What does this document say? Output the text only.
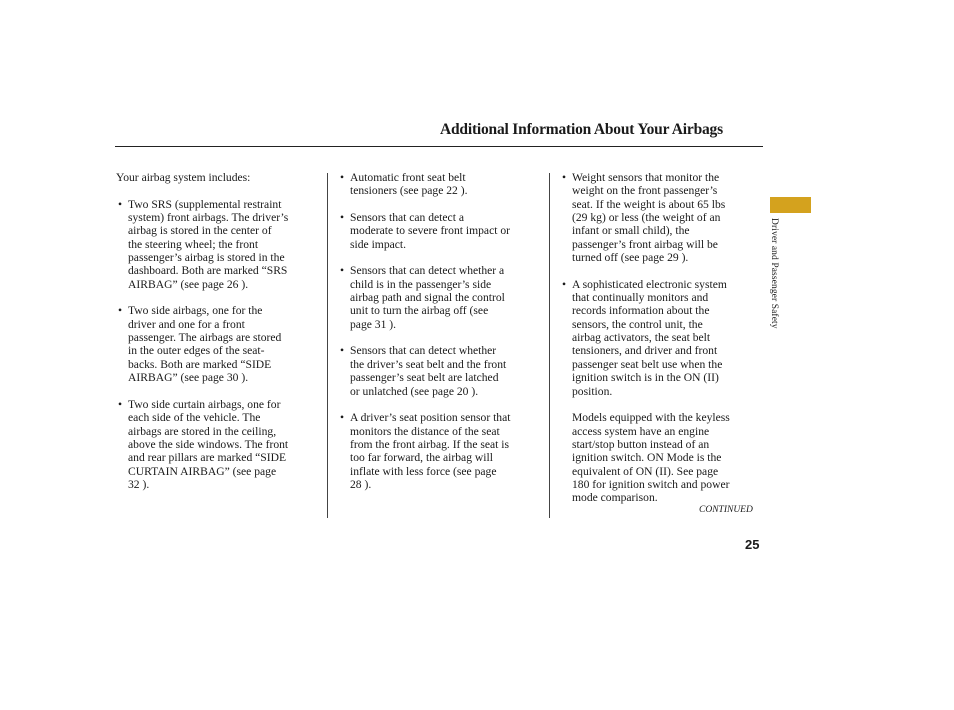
Additional Information About Your Airbags
Driver and Passenger Safety

Your airbag system includes:

• Two SRS (supplemental restraint
system) front airbags. The driver’s
airbag is stored in the center of
the steering wheel; the front
passenger’s airbag is stored in the
dashboard. Both are marked “SRS
AIRBAG” (see page 26 ).
• Two side airbags, one for the
driver and one for a front
passenger. The airbags are stored
in the outer edges of the seat-
backs. Both are marked “SIDE
AIRBAG” (see page 30 ).
• Two side curtain airbags, one for
each side of the vehicle. The
airbags are stored in the ceiling,
above the side windows. The front
and rear pillars are marked “SIDE
CURTAIN AIRBAG” (see page
32 ).
• Automatic front seat belt
tensioners (see page 22 ).
• Sensors that can detect a
moderate to severe front impact or
side impact.
• Sensors that can detect whether a
child is in the passenger’s side
airbag path and signal the control
unit to turn the airbag off (see
page 31 ).
• Sensors that can detect whether
the driver’s seat belt and the front
passenger’s seat belt are latched
or unlatched (see page 20 ).
• A driver’s seat position sensor that
monitors the distance of the seat
from the front airbag. If the seat is
too far forward, the airbag will
inflate with less force (see page
28 ).
• Weight sensors that monitor the
weight on the front passenger’s
seat. If the weight is about 65 lbs
(29 kg) or less (the weight of an
infant or small child), the
passenger’s front airbag will be
turned off (see page 29 ).
• A sophisticated electronic system
that continually monitors and
records information about the
sensors, the control unit, the
airbag activators, the seat belt
tensioners, and driver and front
passenger seat belt use when the
ignition switch is in the ON (II)
position.
Models equipped with the keyless
access system have an engine
start/stop button instead of an
ignition switch. ON Mode is the
equivalent of ON (II). See page
180 for ignition switch and power
mode comparison.
CONTINUED
25
